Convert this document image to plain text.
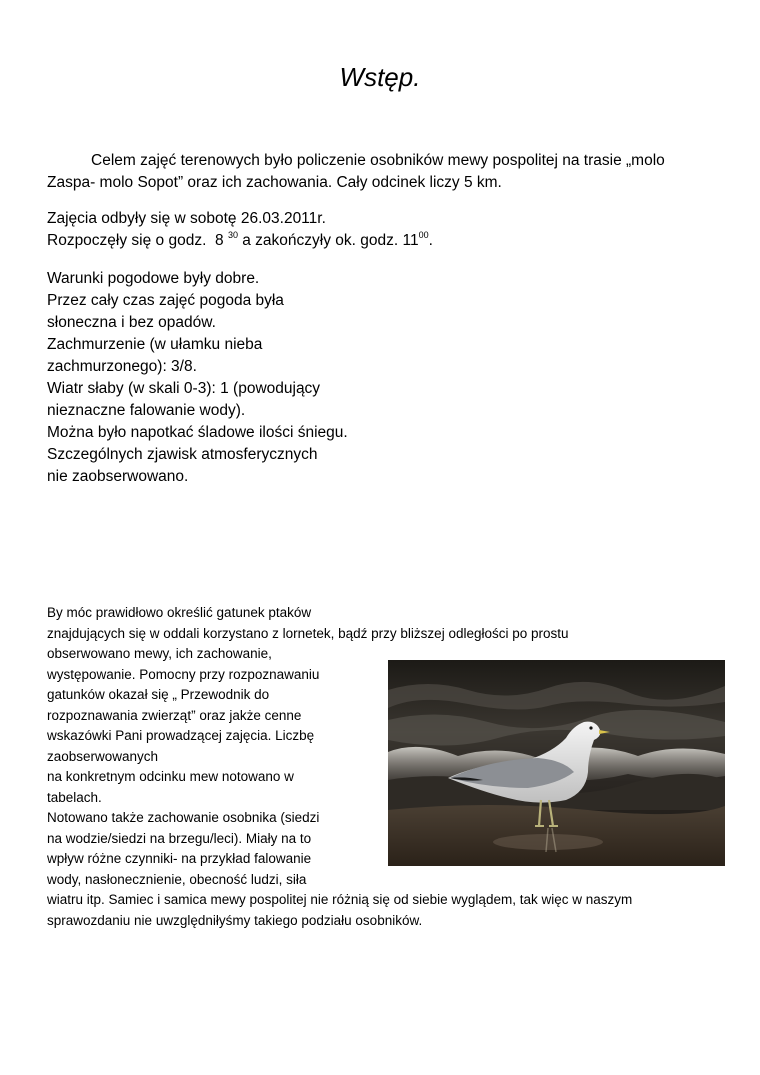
Wstęp.
Celem zajęć terenowych było policzenie osobników mewy pospolitej na trasie „molo
Zaspa- molo Sopot” oraz ich zachowania. Cały odcinek liczy 5 km.
Zajęcia odbyły się w sobotę 26.03.2011r.
Rozpoczęły się o godz.  8 $^{30}$ a zakończyły ok. godz. $11^{00}$.
Warunki pogodowe były dobre.
Przez cały czas zajęć pogoda była
słoneczna i bez opadów.
Zachmurzenie (w ułamku nieba
zachmurzonego): 3/8.
Wiatr słaby (w skali 0-3): 1 (powodujący
nieznaczne falowanie wody).
Można było napotkać śladowe ilości śniegu.
Szczególnych zjawisk atmosferycznych
nie zaobserwowano.
By móc prawidłowo określić gatunek ptaków
znajdujących się w oddali korzystano z lornetek, bądź przy bliższej odległości po prostu
obserwowano mewy, ich zachowanie,
występowanie. Pomocny przy rozpoznawaniu
gatunków okazał się „ Przewodnik do
rozpoznawania zwierząt” oraz jakże cenne
wskazówki Pani prowadzącej zajęcia. Liczbę
zaobserwowanych
na konkretnym odcinku mew notowano w
tabelach.
Notowano także zachowanie osobnika (siedzi
na wodzie/siedzi na brzegu/leci). Miały na to
wpływ różne czynniki- na przykład falowanie
wody, nasłonecznienie, obecność ludzi, siła
wiatru itp. Samiec i samica mewy pospolitej nie różnią się od siebie wyglądem, tak więc w naszym
sprawozdaniu nie uwzględniłyśmy takiego podziału osobników.
